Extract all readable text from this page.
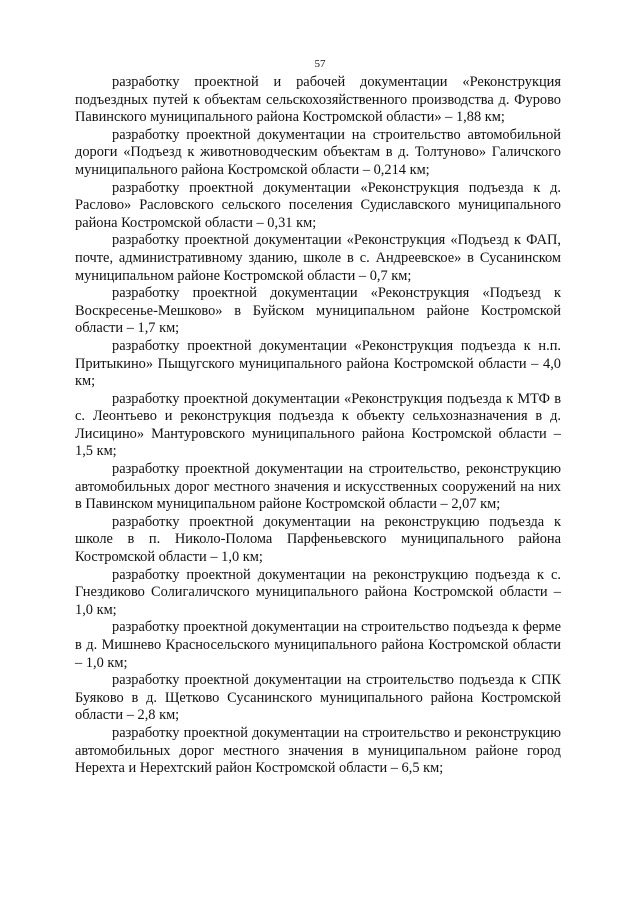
57

разработку проектной и рабочей документации «Реконструкция подъездных путей к объектам сельскохозяйственного производства д. Фурово Павинского муниципального района Костромской области» – 1,88 км;

разработку проектной документации на строительство автомобильной дороги «Подъезд к животноводческим объектам в д. Толтуново» Галичского муниципального района Костромской области – 0,214 км;

разработку проектной документации «Реконструкция подъезда к д. Раслово» Расловского сельского поселения Судиславского муниципального района Костромской области – 0,31 км;

разработку проектной документации «Реконструкция «Подъезд к ФАП, почте, административному зданию, школе в с. Андреевское» в Сусанинском муниципальном районе Костромской области – 0,7 км;

разработку проектной документации «Реконструкция «Подъезд к Воскресенье-Мешково» в Буйском муниципальном районе Костромской области – 1,7 км;

разработку проектной документации «Реконструкция подъезда к н.п. Притыкино» Пыщугского муниципального района Костромской области – 4,0 км;

разработку проектной документации «Реконструкция подъезда к МТФ в с. Леонтьево и реконструкция подъезда к объекту сельхозназначения в д. Лисицино» Мантуровского муниципального района Костромской области – 1,5 км;

разработку проектной документации на строительство, реконструкцию автомобильных дорог местного значения и искусственных сооружений на них в Павинском муниципальном районе Костромской области – 2,07 км;

разработку проектной документации на реконструкцию подъезда к школе в п. Николо-Полома Парфеньевского муниципального района Костромской области – 1,0 км;

разработку проектной документации на реконструкцию подъезда к с. Гнездиково Солигаличского муниципального района Костромской области – 1,0 км;

разработку проектной документации на строительство подъезда к ферме в д. Мишнево Красносельского муниципального района Костромской области – 1,0 км;

разработку проектной документации на строительство подъезда к СПК Буяково в д. Щетково Сусанинского муниципального района Костромской области – 2,8 км;

разработку проектной документации на строительство и реконструкцию автомобильных дорог местного значения в муниципальном районе город Нерехта и Нерехтский район Костромской области – 6,5 км;
